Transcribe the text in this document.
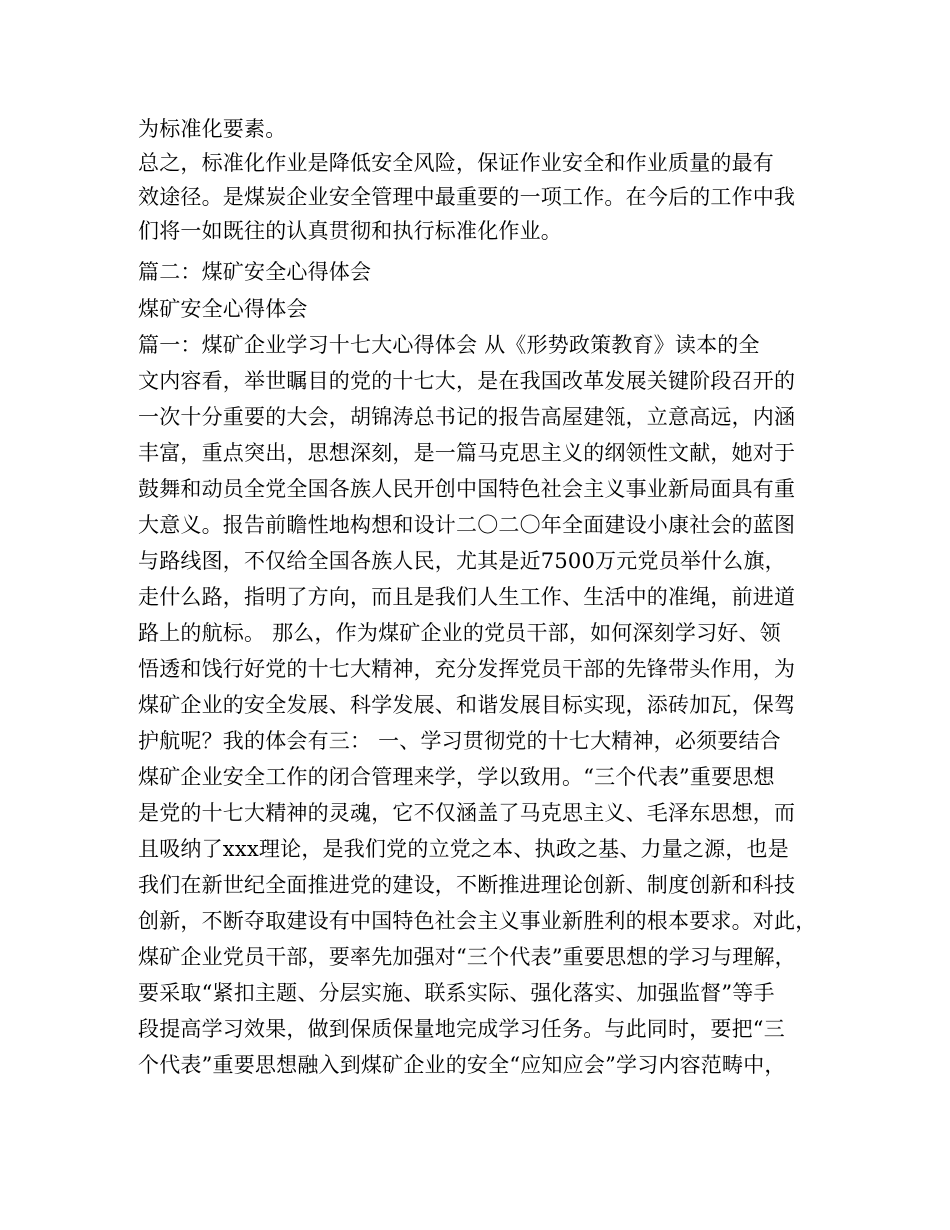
为标准化要素。
总之，标准化作业是降低安全风险，保证作业安全和作业质量的最有
效途径。是煤炭企业安全管理中最重要的一项工作。在今后的工作中我
们将一如既往的认真贯彻和执行标准化作业。
篇二：煤矿安全心得体会
煤矿安全心得体会
篇一：煤矿企业学习十七大心得体会 从《形势政策教育》读本的全
文内容看，举世瞩目的党的十七大，是在我国改革发展关键阶段召开的
一次十分重要的大会，胡锦涛总书记的报告高屋建瓴，立意高远，内涵
丰富，重点突出，思想深刻，是一篇马克思主义的纲领性文献，她对于
鼓舞和动员全党全国各族人民开创中国特色社会主义事业新局面具有重
大意义。报告前瞻性地构想和设计二〇二〇年全面建设小康社会的蓝图
与路线图，不仅给全国各族人民，尤其是近7500万元党员举什么旗，
走什么路，指明了方向，而且是我们人生工作、生活中的准绳，前进道
路上的航标。 那么，作为煤矿企业的党员干部，如何深刻学习好、领
悟透和饯行好党的十七大精神，充分发挥党员干部的先锋带头作用，为
煤矿企业的安全发展、科学发展、和谐发展目标实现，添砖加瓦，保驾
护航呢？我的体会有三： 一、学习贯彻党的十七大精神，必须要结合
煤矿企业安全工作的闭合管理来学，学以致用。“三个代表”重要思想
是党的十七大精神的灵魂，它不仅涵盖了马克思主义、毛泽东思想，而
且吸纳了xxx理论，是我们党的立党之本、执政之基、力量之源，也是
我们在新世纪全面推进党的建设，不断推进理论创新、制度创新和科技
创新，不断夺取建设有中国特色社会主义事业新胜利的根本要求。对此，
煤矿企业党员干部，要率先加强对“三个代表”重要思想的学习与理解，
要采取“紧扣主题、分层实施、联系实际、强化落实、加强监督”等手
段提高学习效果，做到保质保量地完成学习任务。与此同时，要把“三
个代表”重要思想融入到煤矿企业的安全“应知应会”学习内容范畴中，
